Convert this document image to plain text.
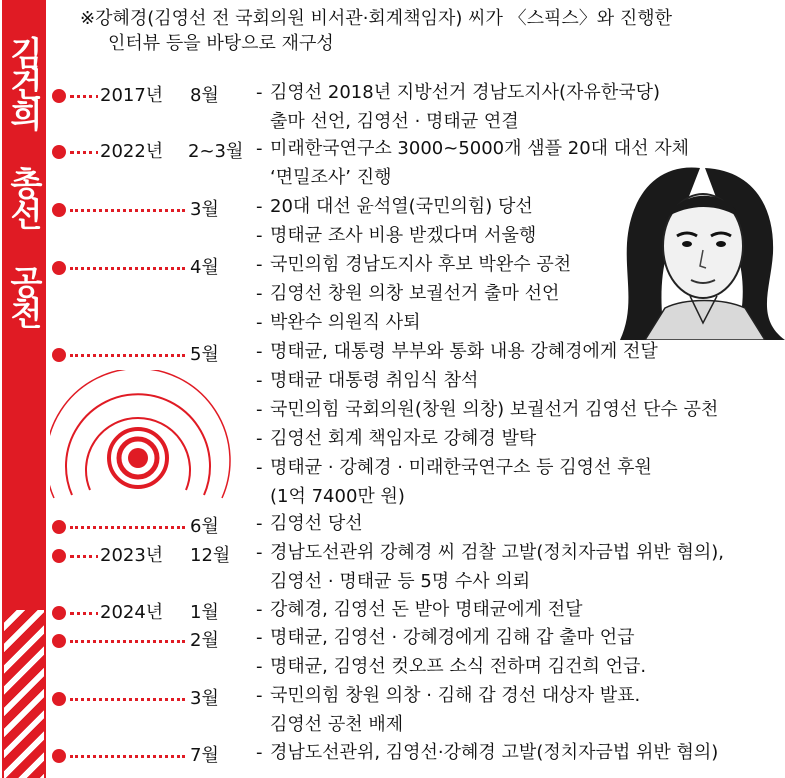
김건희 총선 공천
※강혜경(김영선 전 국회의원 비서관·회계책임자) 씨가 〈스픽스〉와 진행한
인터뷰 등을 바탕으로 재구성
2017년 8월 - 김영선 2018년 지방선거 경남도지사(자유한국당)
출마 선언, 김영선 · 명태균 연결
2022년 2~3월 - 미래한국연구소 3000~5000개 샘플 20대 대선 자체
‘면밀조사’ 진행
3월 - 20대 대선 윤석열(국민의힘) 당선
- 명태균 조사 비용 받겠다며 서울행
4월 - 국민의힘 경남도지사 후보 박완수 공천
- 김영선 창원 의창 보궐선거 출마 선언
- 박완수 의원직 사퇴
5월 - 명태균, 대통령 부부와 통화 내용 강혜경에게 전달
- 명태균 대통령 취임식 참석
- 국민의힘 국회의원(창원 의창) 보궐선거 김영선 단수 공천
- 김영선 회계 책임자로 강혜경 발탁
- 명태균 · 강혜경 · 미래한국연구소 등 김영선 후원
(1억 7400만 원)
6월 - 김영선 당선
2023년 12월 - 경남도선관위 강혜경 씨 검찰 고발(정치자금법 위반 혐의),
김영선 · 명태균 등 5명 수사 의뢰
2024년 1월 - 강혜경, 김영선 돈 받아 명태균에게 전달
2월 - 명태균, 김영선 · 강혜경에게 김해 갑 출마 언급
- 명태균, 김영선 컷오프 소식 전하며 김건희 언급.
3월 - 국민의힘 창원 의창 · 김해 갑 경선 대상자 발표.
김영선 공천 배제
7월 - 경남도선관위, 김영선·강혜경 고발(정치자금법 위반 혐의)
